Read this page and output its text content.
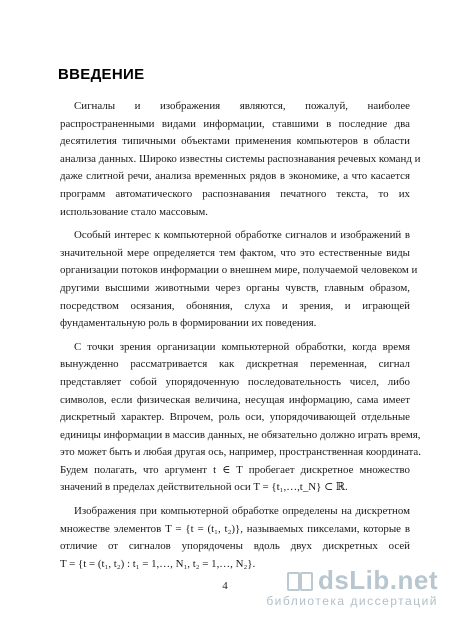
ВВЕДЕНИЕ
Сигналы и изображения являются, пожалуй, наиболее
распространенными видами информации, ставшими в последние два
десятилетия типичными объектами применения компьютеров в области
анализа данных. Широко известны системы распознавания речевых команд и
даже слитной речи, анализа временных рядов в экономике, а что касается
программ автоматического распознавания печатного текста, то их
использование стало массовым.
Особый интерес к компьютерной обработке сигналов и изображений в
значительной мере определяется тем фактом, что это естественные виды
организации потоков информации о внешнем мире, получаемой человеком и
другими высшими животными через органы чувств, главным образом,
посредством осязания, обоняния, слуха и зрения, и играющей
фундаментальную роль в формировании их поведения.
С точки зрения организации компьютерной обработки, когда время
вынужденно рассматривается как дискретная переменная, сигнал
представляет собой упорядоченную последовательность чисел, либо
символов, если физическая величина, несущая информацию, сама имеет
дискретный характер. Впрочем, роль оси, упорядочивающей отдельные
единицы информации в массив данных, не обязательно должно играть время,
это может быть и любая другая ось, например, пространственная координата.
Будем полагать, что аргумент t ∈ T пробегает дискретное множество
значений в пределах действительной оси T = {t₁,…,t_N} ⊂ ℝ.
Изображения при компьютерной обработке определены на дискретном
множестве элементов T = {t = (t₁, t₂)}, называемых пикселами, которые в
отличие от сигналов упорядочены вдоль двух дискретных осей
T = {t = (t₁, t₂) : t₁ = 1,…, N₁, t₂ = 1,…, N₂}.
4	dsLib.net
библиотека диссертаций
